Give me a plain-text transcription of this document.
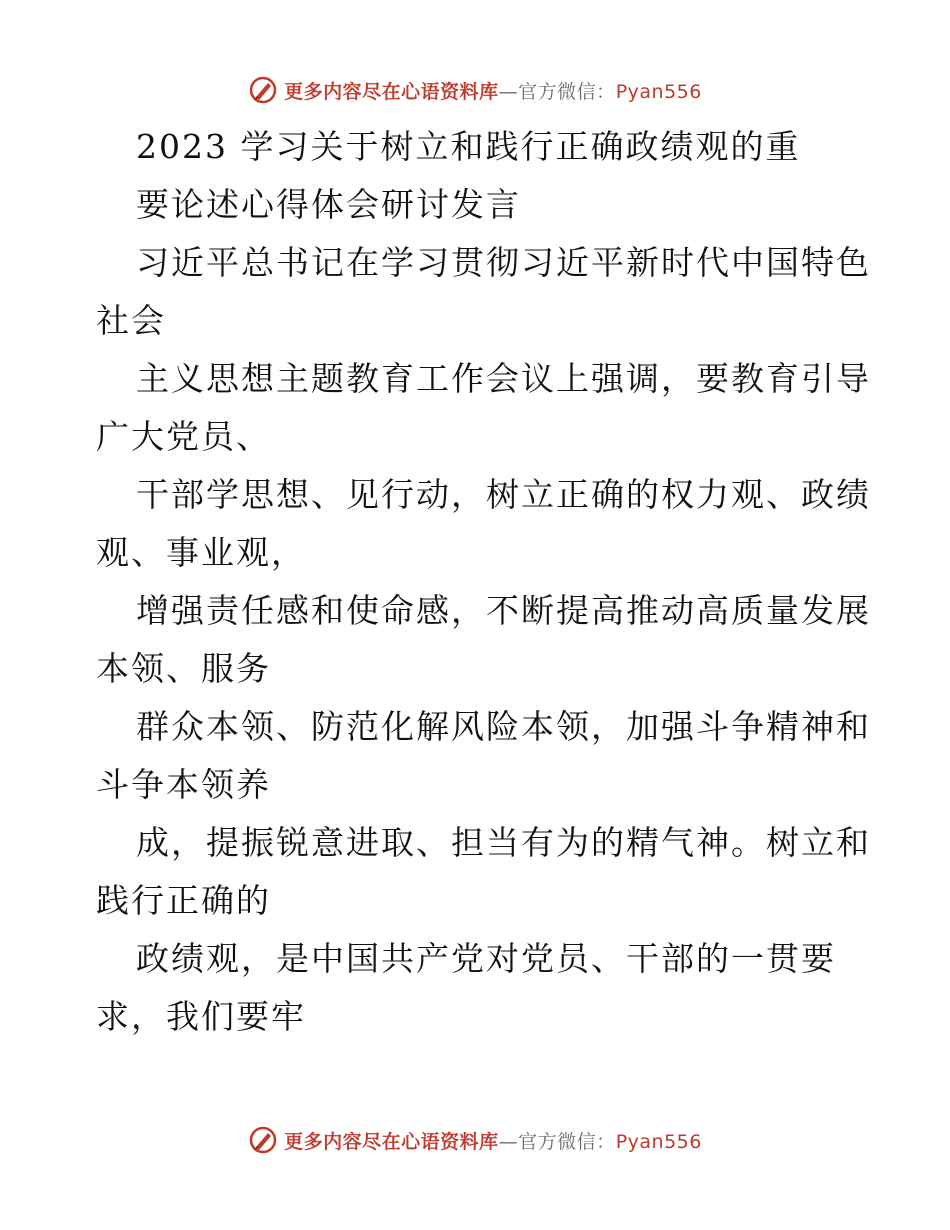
更多内容尽在心语资料库—官方微信：Pyan556
2023 学习关于树立和践行正确政绩观的重
要论述心得体会研讨发言
习近平总书记在学习贯彻习近平新时代中国特色
社会
主义思想主题教育工作会议上强调，要教育引导
广大党员、
干部学思想、见行动，树立正确的权力观、政绩
观、事业观，
增强责任感和使命感，不断提高推动高质量发展
本领、服务
群众本领、防范化解风险本领，加强斗争精神和
斗争本领养
成，提振锐意进取、担当有为的精气神。树立和
践行正确的
政绩观，是中国共产党对党员、干部的一贯要
求，我们要牢
更多内容尽在心语资料库—官方微信：Pyan556
